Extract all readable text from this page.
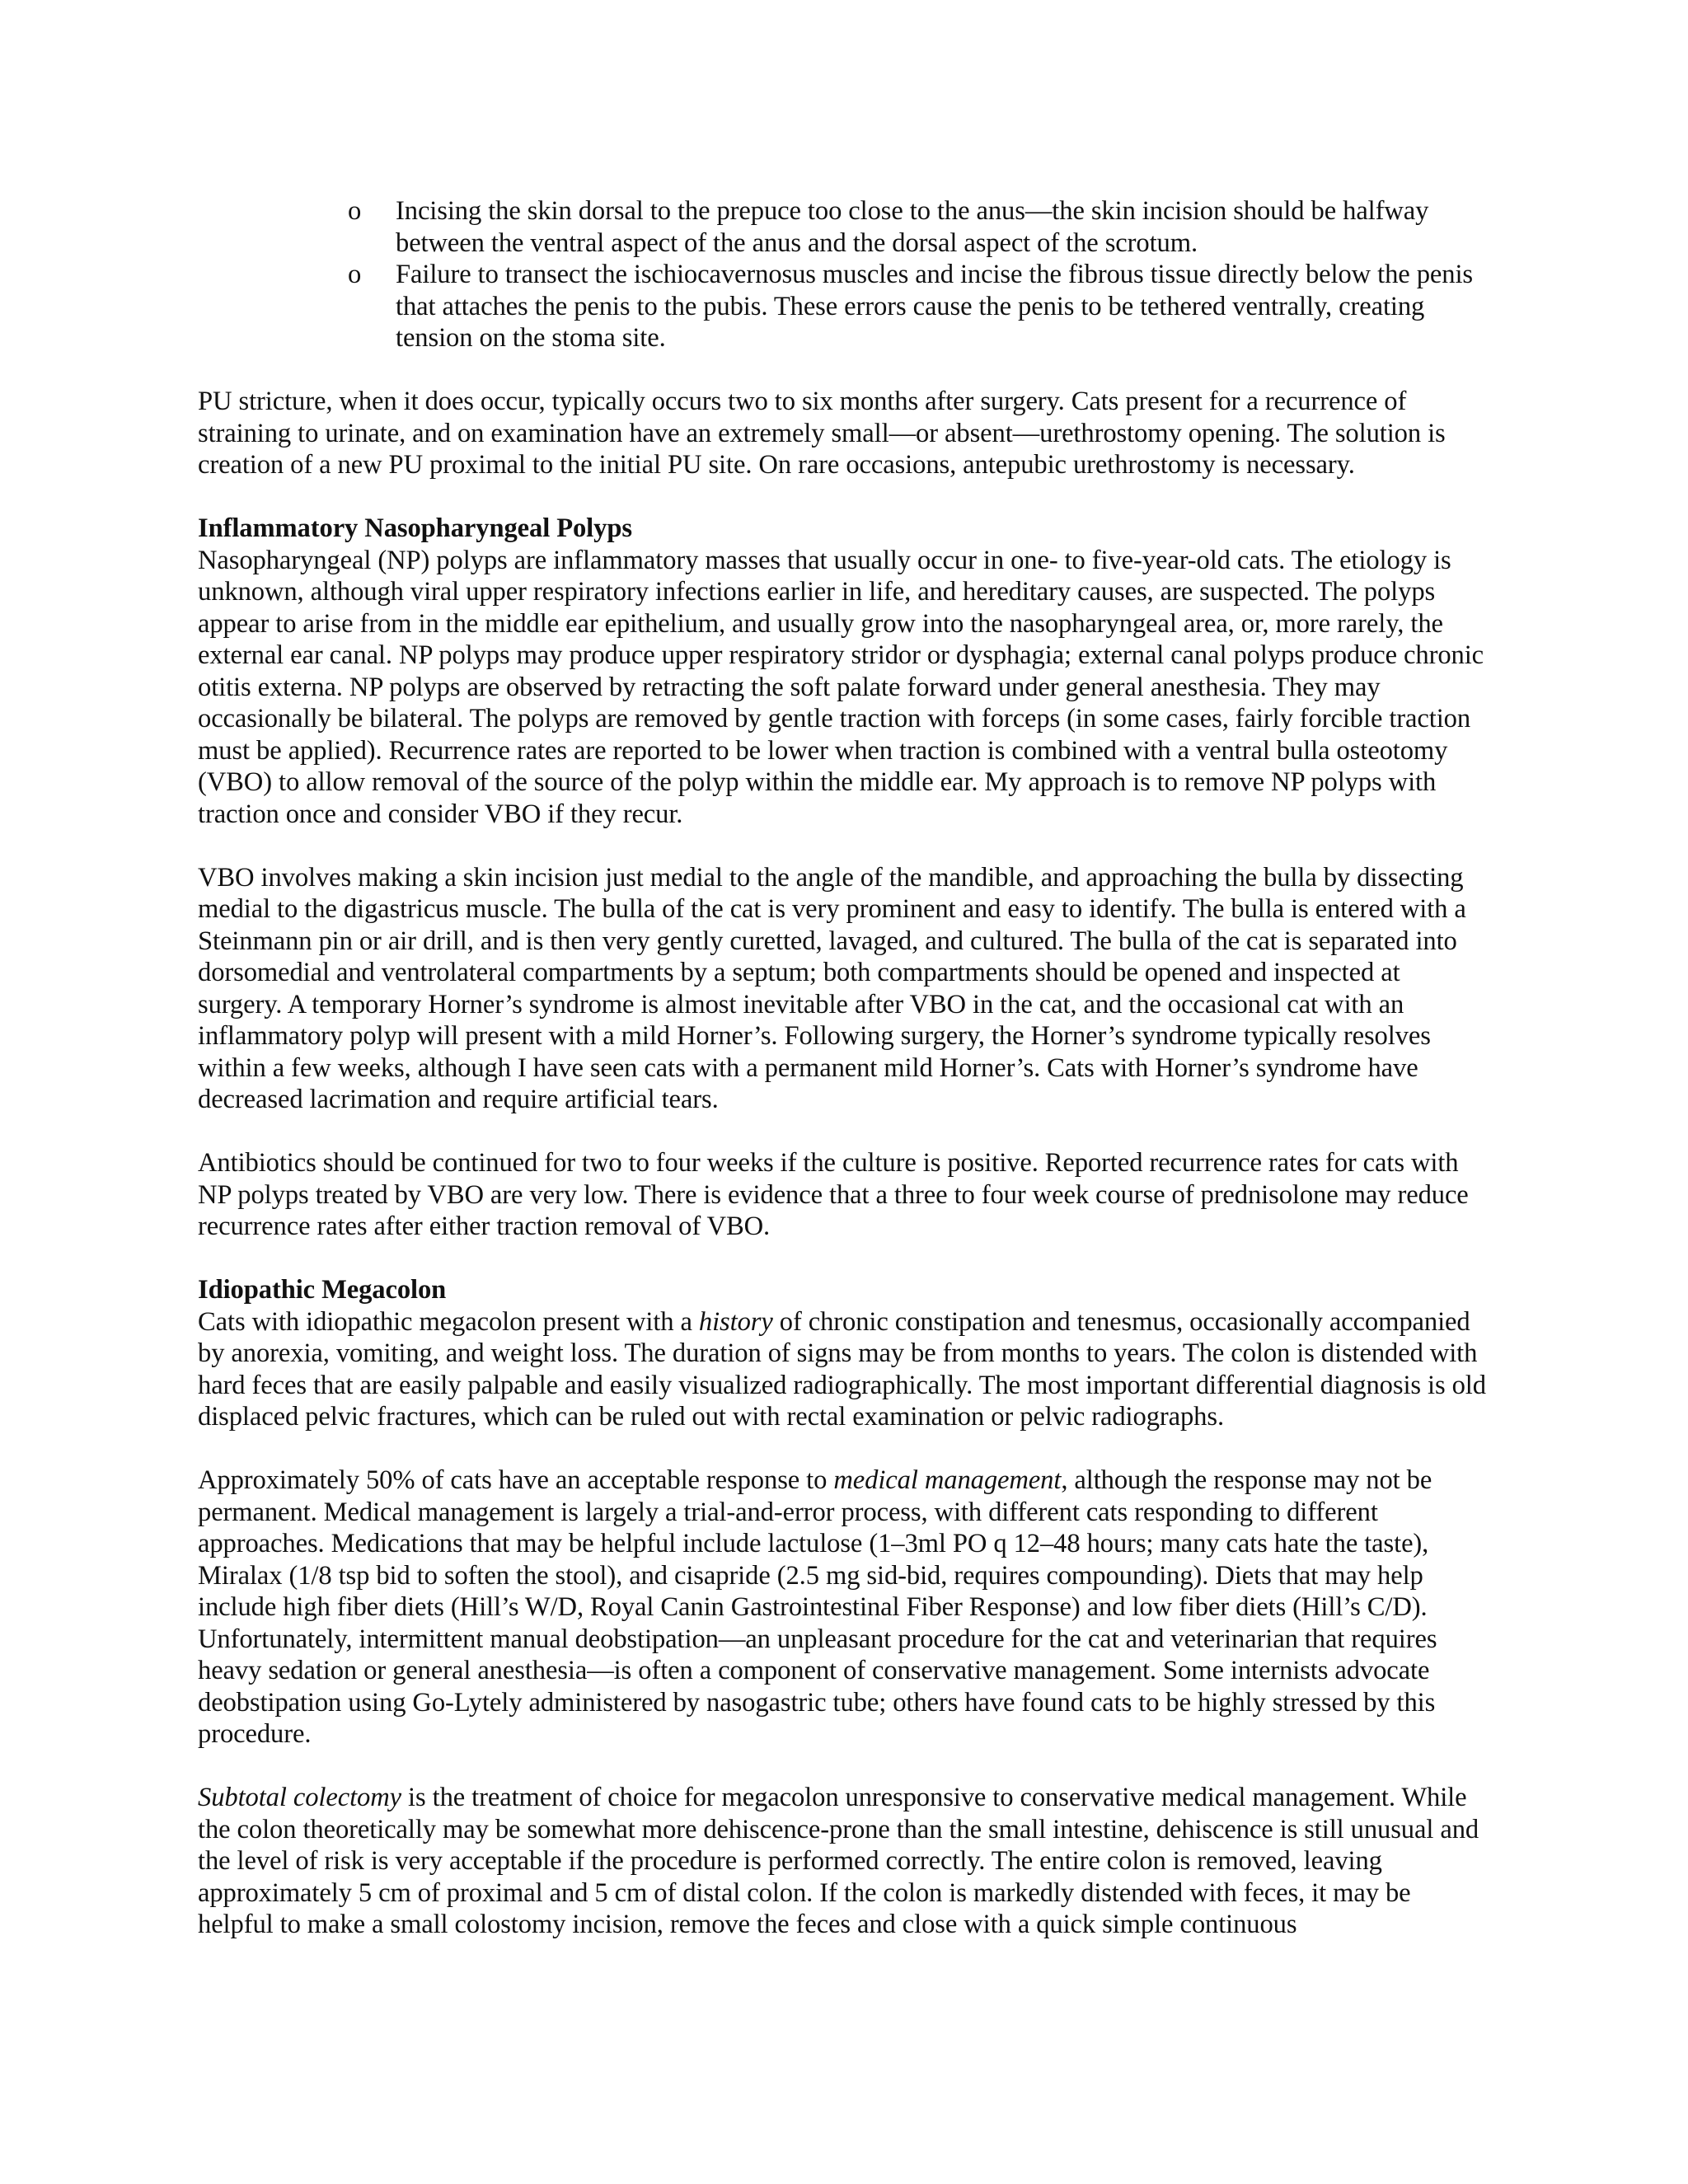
o Incising the skin dorsal to the prepuce too close to the anus—the skin incision should be halfway between the ventral aspect of the anus and the dorsal aspect of the scrotum.
o Failure to transect the ischiocavernosus muscles and incise the fibrous tissue directly below the penis that attaches the penis to the pubis. These errors cause the penis to be tethered ventrally, creating tension on the stoma site.

PU stricture, when it does occur, typically occurs two to six months after surgery. Cats present for a recurrence of straining to urinate, and on examination have an extremely small—or absent—urethrostomy opening. The solution is creation of a new PU proximal to the initial PU site. On rare occasions, antepubic urethrostomy is necessary.

Inflammatory Nasopharyngeal Polyps

Nasopharyngeal (NP) polyps are inflammatory masses that usually occur in one- to five-year-old cats. The etiology is unknown, although viral upper respiratory infections earlier in life, and hereditary causes, are suspected. The polyps appear to arise from in the middle ear epithelium, and usually grow into the nasopharyngeal area, or, more rarely, the external ear canal. NP polyps may produce upper respiratory stridor or dysphagia; external canal polyps produce chronic otitis externa. NP polyps are observed by retracting the soft palate forward under general anesthesia. They may occasionally be bilateral. The polyps are removed by gentle traction with forceps (in some cases, fairly forcible traction must be applied). Recurrence rates are reported to be lower when traction is combined with a ventral bulla osteotomy (VBO) to allow removal of the source of the polyp within the middle ear. My approach is to remove NP polyps with traction once and consider VBO if they recur.

VBO involves making a skin incision just medial to the angle of the mandible, and approaching the bulla by dissecting medial to the digastricus muscle. The bulla of the cat is very prominent and easy to identify. The bulla is entered with a Steinmann pin or air drill, and is then very gently curetted, lavaged, and cultured. The bulla of the cat is separated into dorsomedial and ventrolateral compartments by a septum; both compartments should be opened and inspected at surgery. A temporary Horner’s syndrome is almost inevitable after VBO in the cat, and the occasional cat with an inflammatory polyp will present with a mild Horner’s. Following surgery, the Horner’s syndrome typically resolves within a few weeks, although I have seen cats with a permanent mild Horner’s. Cats with Horner’s syndrome have decreased lacrimation and require artificial tears.

Antibiotics should be continued for two to four weeks if the culture is positive. Reported recurrence rates for cats with NP polyps treated by VBO are very low. There is evidence that a three to four week course of prednisolone may reduce recurrence rates after either traction removal of VBO.

Idiopathic Megacolon

Cats with idiopathic megacolon present with a history of chronic constipation and tenesmus, occasionally accompanied by anorexia, vomiting, and weight loss. The duration of signs may be from months to years. The colon is distended with hard feces that are easily palpable and easily visualized radiographically. The most important differential diagnosis is old displaced pelvic fractures, which can be ruled out with rectal examination or pelvic radiographs.

Approximately 50% of cats have an acceptable response to medical management, although the response may not be permanent. Medical management is largely a trial-and-error process, with different cats responding to different approaches. Medications that may be helpful include lactulose (1–3ml PO q 12–48 hours; many cats hate the taste), Miralax (1/8 tsp bid to soften the stool), and cisapride (2.5 mg sid-bid, requires compounding). Diets that may help include high fiber diets (Hill’s W/D, Royal Canin Gastrointestinal Fiber Response) and low fiber diets (Hill’s C/D). Unfortunately, intermittent manual deobstipation—an unpleasant procedure for the cat and veterinarian that requires heavy sedation or general anesthesia—is often a component of conservative management. Some internists advocate deobstipation using Go-Lytely administered by nasogastric tube; others have found cats to be highly stressed by this procedure.

Subtotal colectomy is the treatment of choice for megacolon unresponsive to conservative medical management. While the colon theoretically may be somewhat more dehiscence-prone than the small intestine, dehiscence is still unusual and the level of risk is very acceptable if the procedure is performed correctly. The entire colon is removed, leaving approximately 5 cm of proximal and 5 cm of distal colon. If the colon is markedly distended with feces, it may be helpful to make a small colostomy incision, remove the feces and close with a quick simple continuous
